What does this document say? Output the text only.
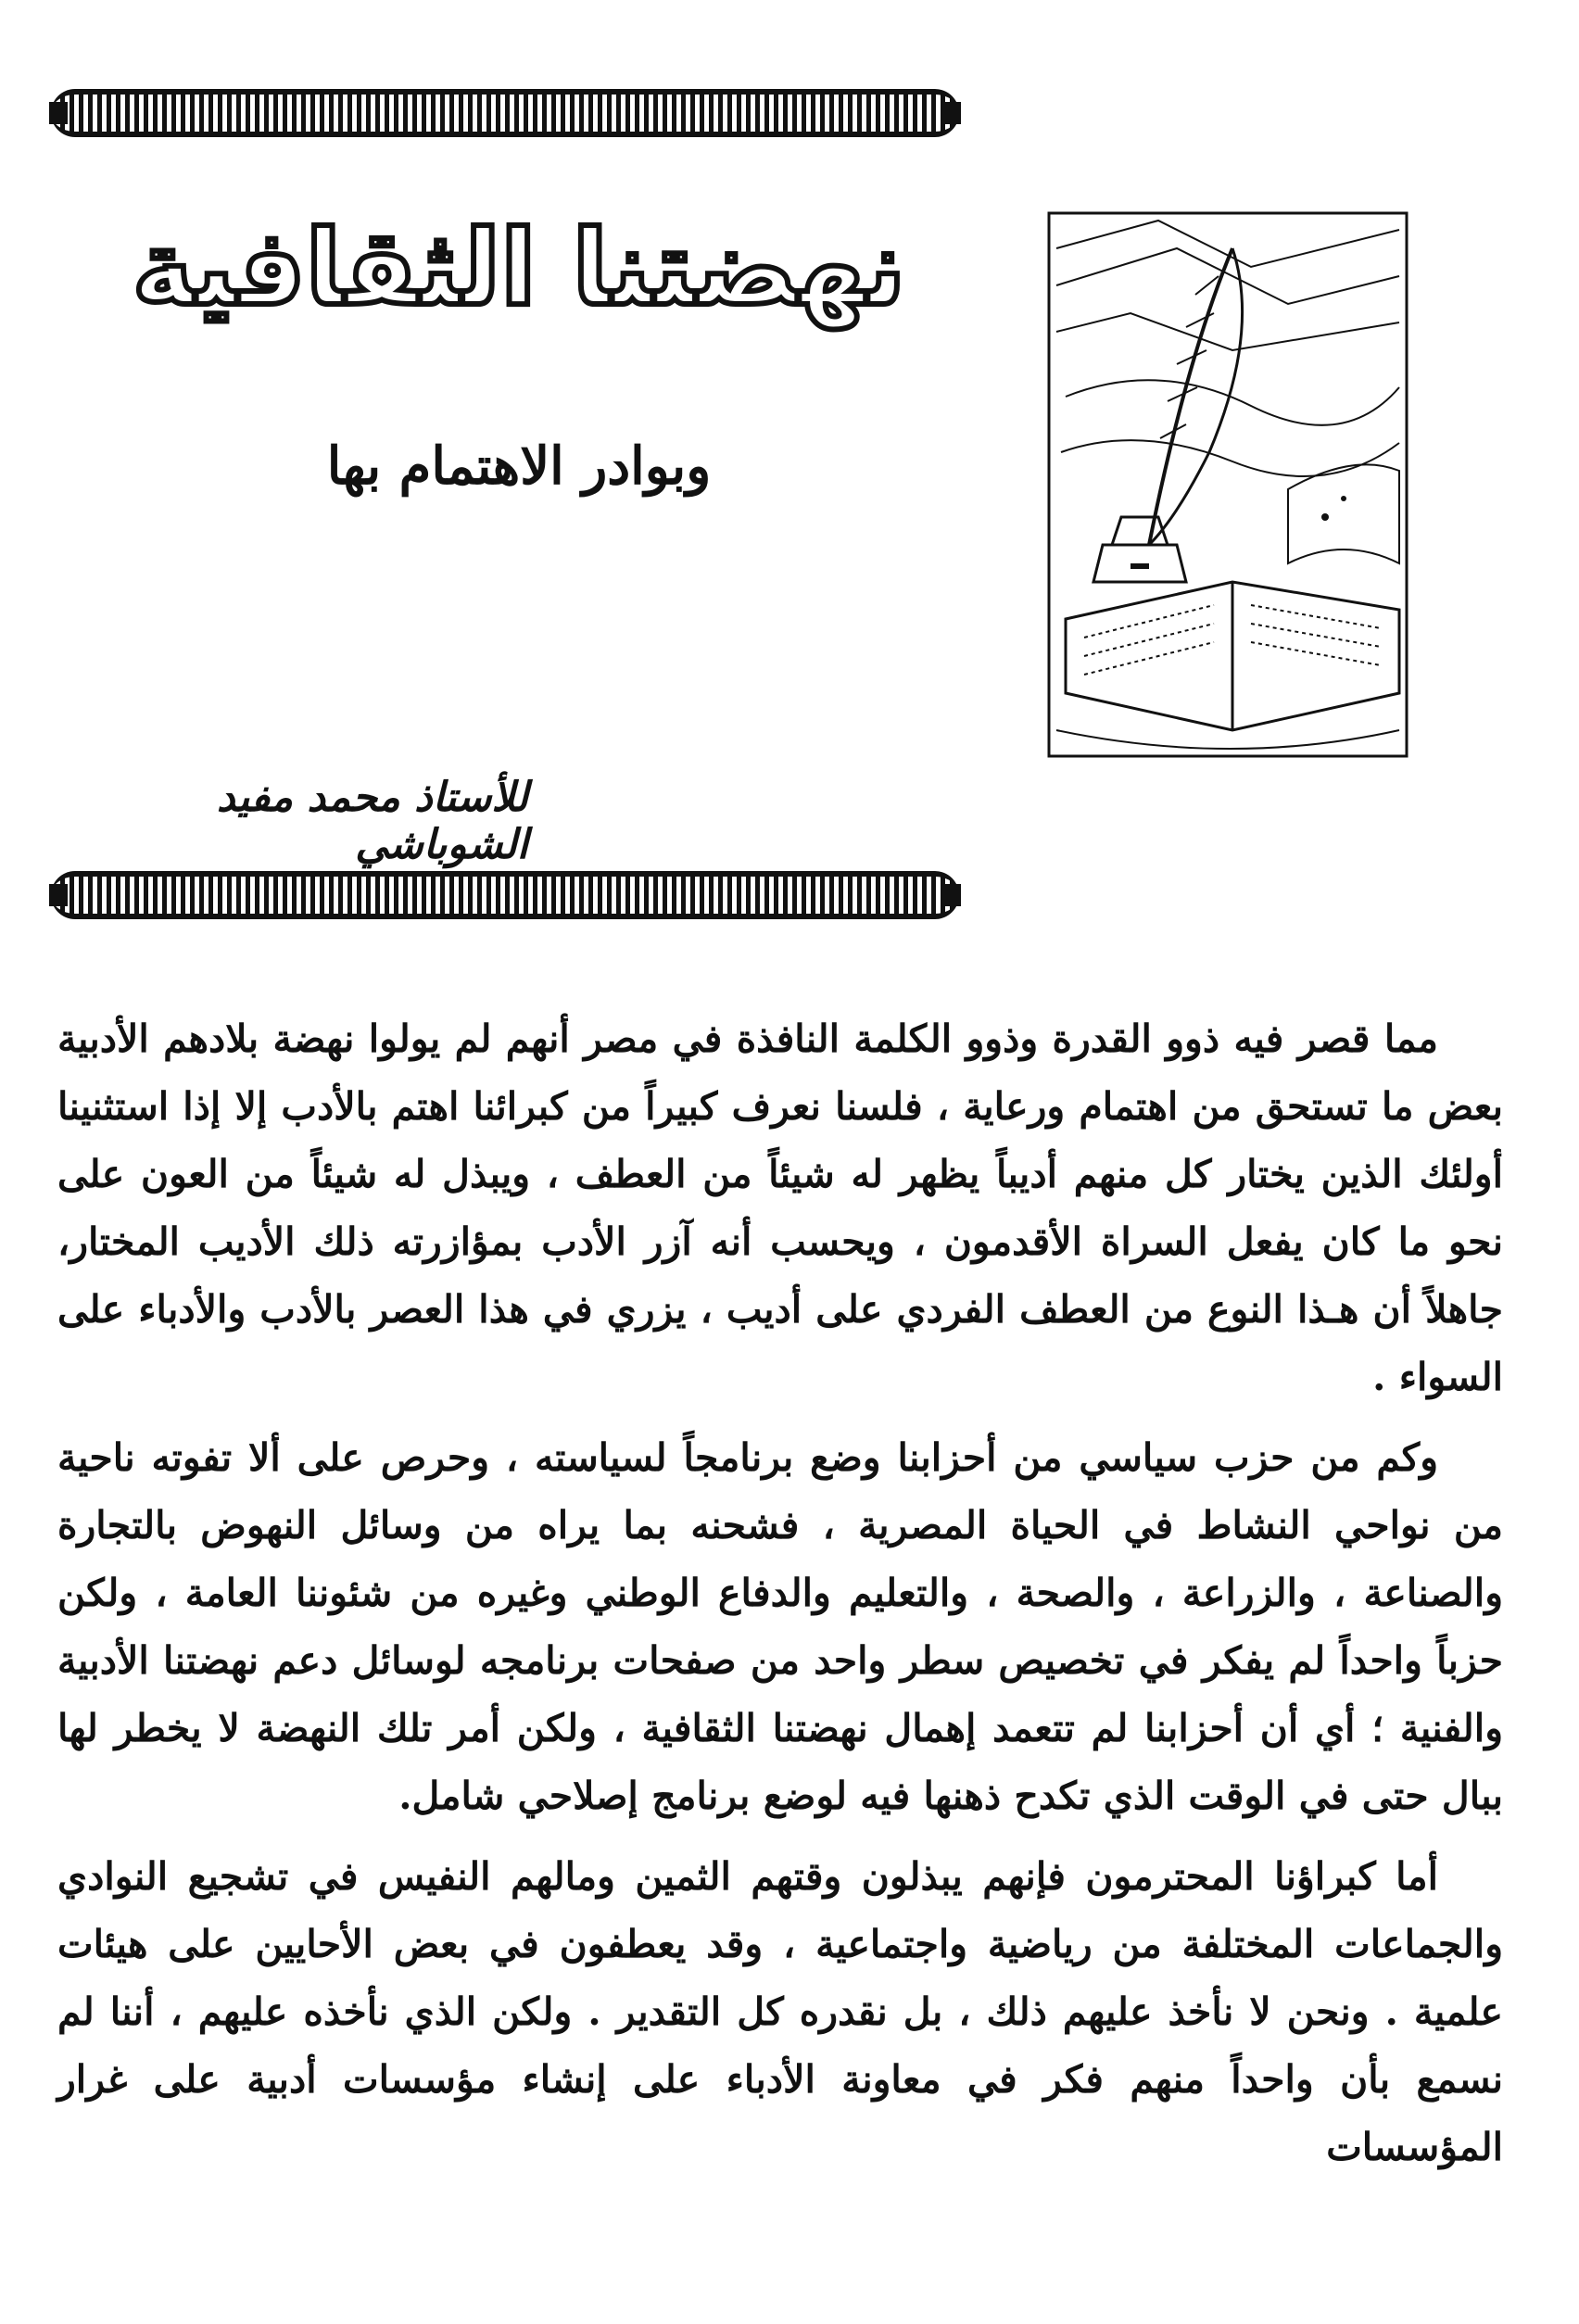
نهضتنا الثقافية
وبوادر الاهتمام بها
للأستاذ محمد مفيد الشوباشي

مما قصر فيه ذوو القدرة وذوو الكلمة النافذة في مصر أنهم لم يولوا نهضة بلادهم الأدبية بعض ما تستحق من اهتمام ورعاية ، فلسنا نعرف كبيراً من كبرائنا اهتم بالأدب إلا إذا استثنينا أولئك الذين يختار كل منهم أديباً يظهر له شيئاً من العطف ، ويبذل له شيئاً من العون على نحو ما كان يفعل السراة الأقدمون ، ويحسب أنه آزر الأدب بمؤازرته ذلك الأديب المختار، جاهلاً أن هـذا النوع من العطف الفردي على أديب ، يزري في هذا العصر بالأدب والأدباء على السواء .

وكم من حزب سياسي من أحزابنا وضع برنامجاً لسياسته ، وحرص على ألا تفوته ناحية من نواحي النشاط في الحياة المصرية ، فشحنه بما يراه من وسائل النهوض بالتجارة والصناعة ، والزراعة ، والصحة ، والتعليم والدفاع الوطني وغيره من شئوننا العامة ، ولكن حزباً واحداً لم يفكر في تخصيص سطر واحد من صفحات برنامجه لوسائل دعم نهضتنا الأدبية والفنية ؛ أي أن أحزابنا لم تتعمد إهمال نهضتنا الثقافية ، ولكن أمر تلك النهضة لا يخطر لها ببال حتى في الوقت الذي تكدح ذهنها فيه لوضع برنامج إصلاحي شامل.

أما كبراؤنا المحترمون فإنهم يبذلون وقتهم الثمين ومالهم النفيس في تشجيع النوادي والجماعات المختلفة من رياضية واجتماعية ، وقد يعطفون في بعض الأحايين على هيئات علمية . ونحن لا نأخذ عليهم ذلك ، بل نقدره كل التقدير . ولكن الذي نأخذه عليهم ، أننا لم نسمع بأن واحداً منهم فكر في معاونة الأدباء على إنشاء مؤسسات أدبية على غرار المؤسسات
